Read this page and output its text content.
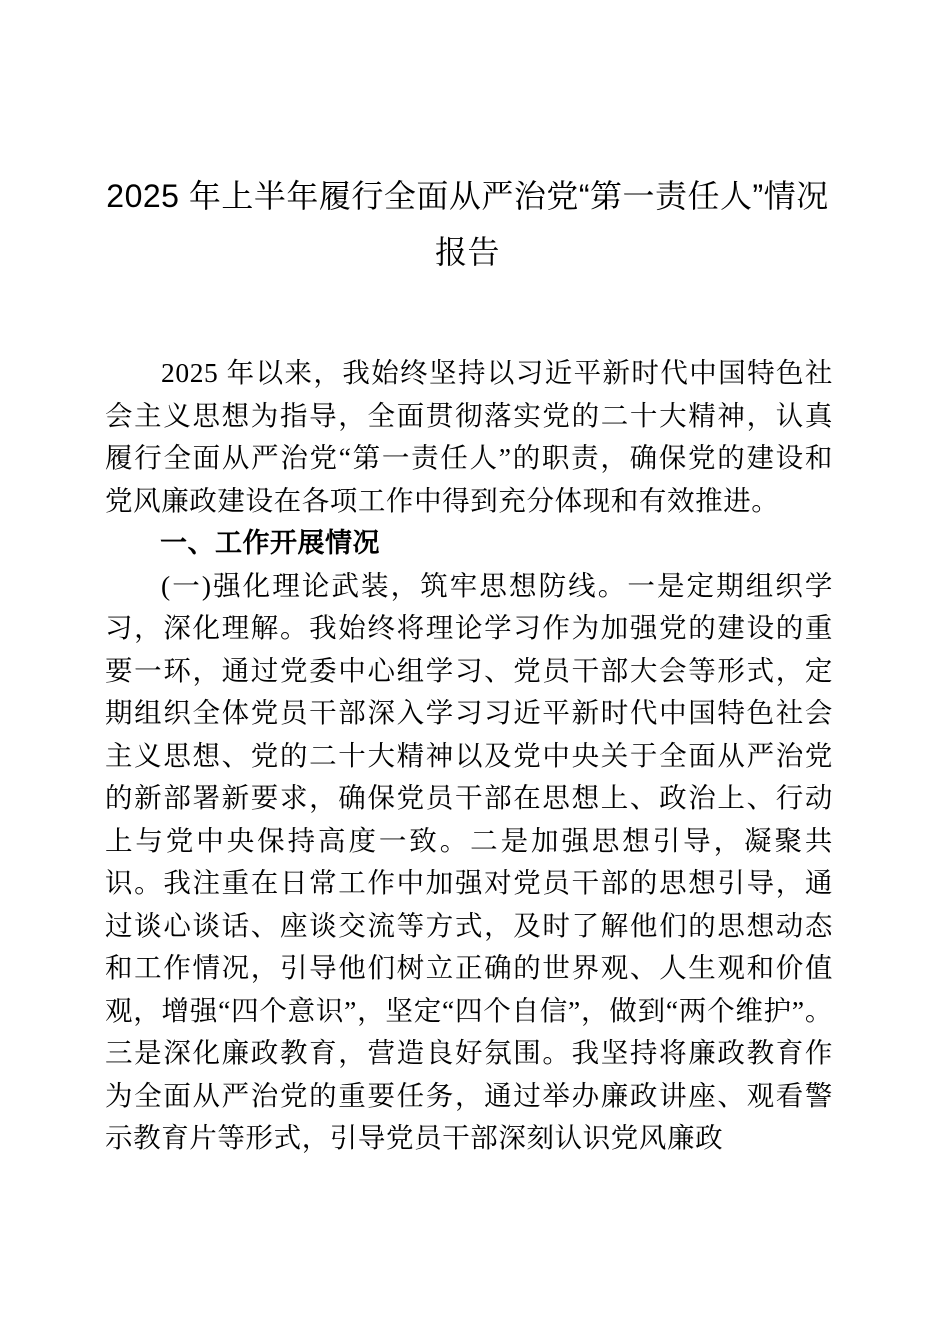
2025 年上半年履行全面从严治党“第一责任人”情况报告

2025 年以来，我始终坚持以习近平新时代中国特色社会主义思想为指导，全面贯彻落实党的二十大精神，认真履行全面从严治党“第一责任人”的职责，确保党的建设和党风廉政建设在各项工作中得到充分体现和有效推进。

一、工作开展情况

(一)强化理论武装，筑牢思想防线。一是定期组织学习，深化理解。我始终将理论学习作为加强党的建设的重要一环，通过党委中心组学习、党员干部大会等形式，定期组织全体党员干部深入学习习近平新时代中国特色社会主义思想、党的二十大精神以及党中央关于全面从严治党的新部署新要求，确保党员干部在思想上、政治上、行动上与党中央保持高度一致。二是加强思想引导，凝聚共识。我注重在日常工作中加强对党员干部的思想引导，通过谈心谈话、座谈交流等方式，及时了解他们的思想动态和工作情况，引导他们树立正确的世界观、人生观和价值观，增强“四个意识”，坚定“四个自信”，做到“两个维护”。三是深化廉政教育，营造良好氛围。我坚持将廉政教育作为全面从严治党的重要任务，通过举办廉政讲座、观看警示教育片等形式，引导党员干部深刻认识党风廉政
